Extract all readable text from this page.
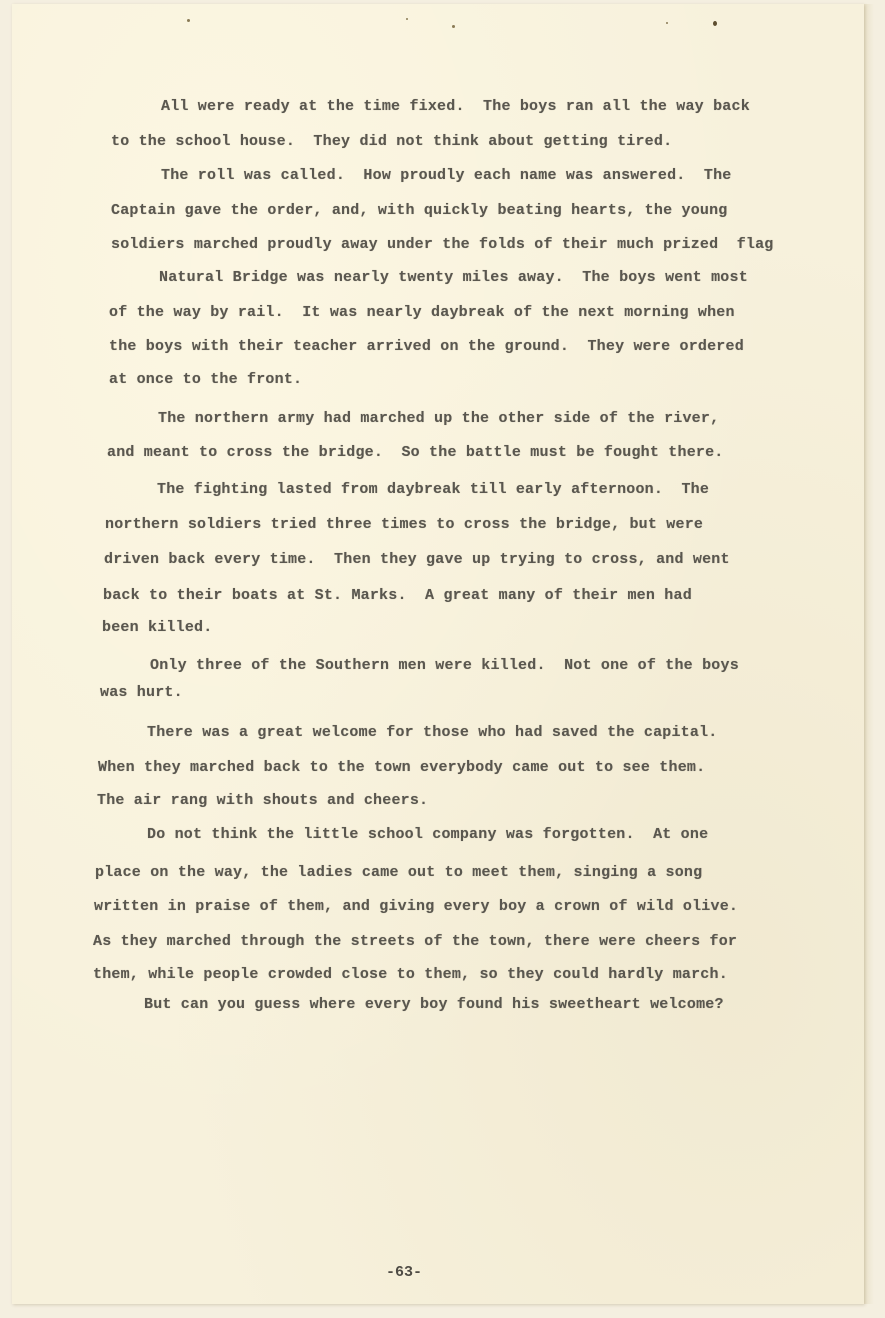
All were ready at the time fixed.  The boys ran all the way back
to the school house.  They did not think about getting tired.
The roll was called.  How proudly each name was answered.  The
Captain gave the order, and, with quickly beating hearts, the young
soldiers marched proudly away under the folds of their much prized  flag
Natural Bridge was nearly twenty miles away.  The boys went most
of the way by rail.  It was nearly daybreak of the next morning when
the boys with their teacher arrived on the ground.  They were ordered
at once to the front.
The northern army had marched up the other side of the river,
and meant to cross the bridge.  So the battle must be fought there.
The fighting lasted from daybreak till early afternoon.  The
northern soldiers tried three times to cross the bridge, but were
driven back every time.  Then they gave up trying to cross, and went
back to their boats at St. Marks.  A great many of their men had
been killed.
Only three of the Southern men were killed.  Not one of the boys
was hurt.
There was a great welcome for those who had saved the capital.
When they marched back to the town everybody came out to see them.
The air rang with shouts and cheers.
Do not think the little school company was forgotten.  At one
place on the way, the ladies came out to meet them, singing a song
written in praise of them, and giving every boy a crown of wild olive.
As they marched through the streets of the town, there were cheers for
them, while people crowded close to them, so they could hardly march.
But can you guess where every boy found his sweetheart welcome?
-63-
